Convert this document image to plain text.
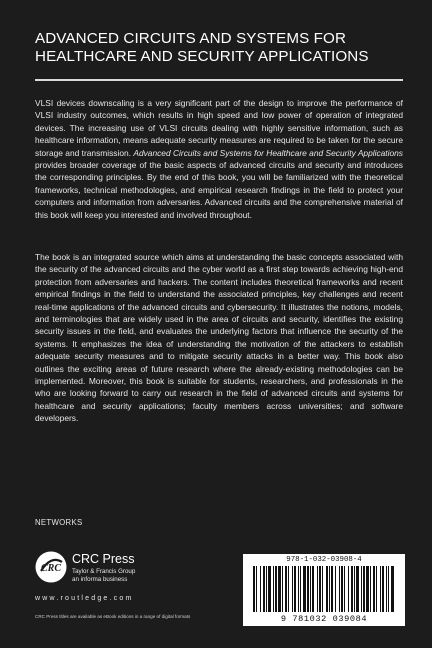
ADVANCED CIRCUITS AND SYSTEMS FOR
HEALTHCARE AND SECURITY APPLICATIONS

VLSI devices downscaling is a very significant part of the design to improve the performance of VLSI industry outcomes, which results in high speed and low power of operation of integrated devices. The increasing use of VLSI circuits dealing with highly sensitive information, such as healthcare information, means adequate security measures are required to be taken for the secure storage and transmission. Advanced Circuits and Systems for Healthcare and Security Applications provides broader coverage of the basic aspects of advanced circuits and security and introduces the corresponding principles. By the end of this book, you will be familiarized with the theoretical frameworks, technical methodologies, and empirical research findings in the field to protect your computers and information from adversaries. Advanced circuits and the comprehensive material of this book will keep you interested and involved throughout.

The book is an integrated source which aims at understanding the basic concepts associated with the security of the advanced circuits and the cyber world as a first step towards achieving high-end protection from adversaries and hackers. The content includes theoretical frameworks and recent empirical findings in the field to understand the associated principles, key challenges and recent real-time applications of the advanced circuits and cybersecurity. It illustrates the notions, models, and terminologies that are widely used in the area of circuits and security, identifies the existing security issues in the field, and evaluates the underlying factors that influence the security of the systems. It emphasizes the idea of understanding the motivation of the attackers to establish adequate security measures and to mitigate security attacks in a better way. This book also outlines the exciting areas of future research where the already-existing methodologies can be implemented. Moreover, this book is suitable for students, researchers, and professionals in the who are looking forward to carry out research in the field of advanced circuits and systems for healthcare and security applications; faculty members across universities; and software developers.

NETWORKS
CRC
CRC Press
Taylor & Francis Group
an informa business
www.routledge.com
CRC Press titles are available as eBook editions in a range of digital formats
978-1-032-03908-4
9 781032 039084
